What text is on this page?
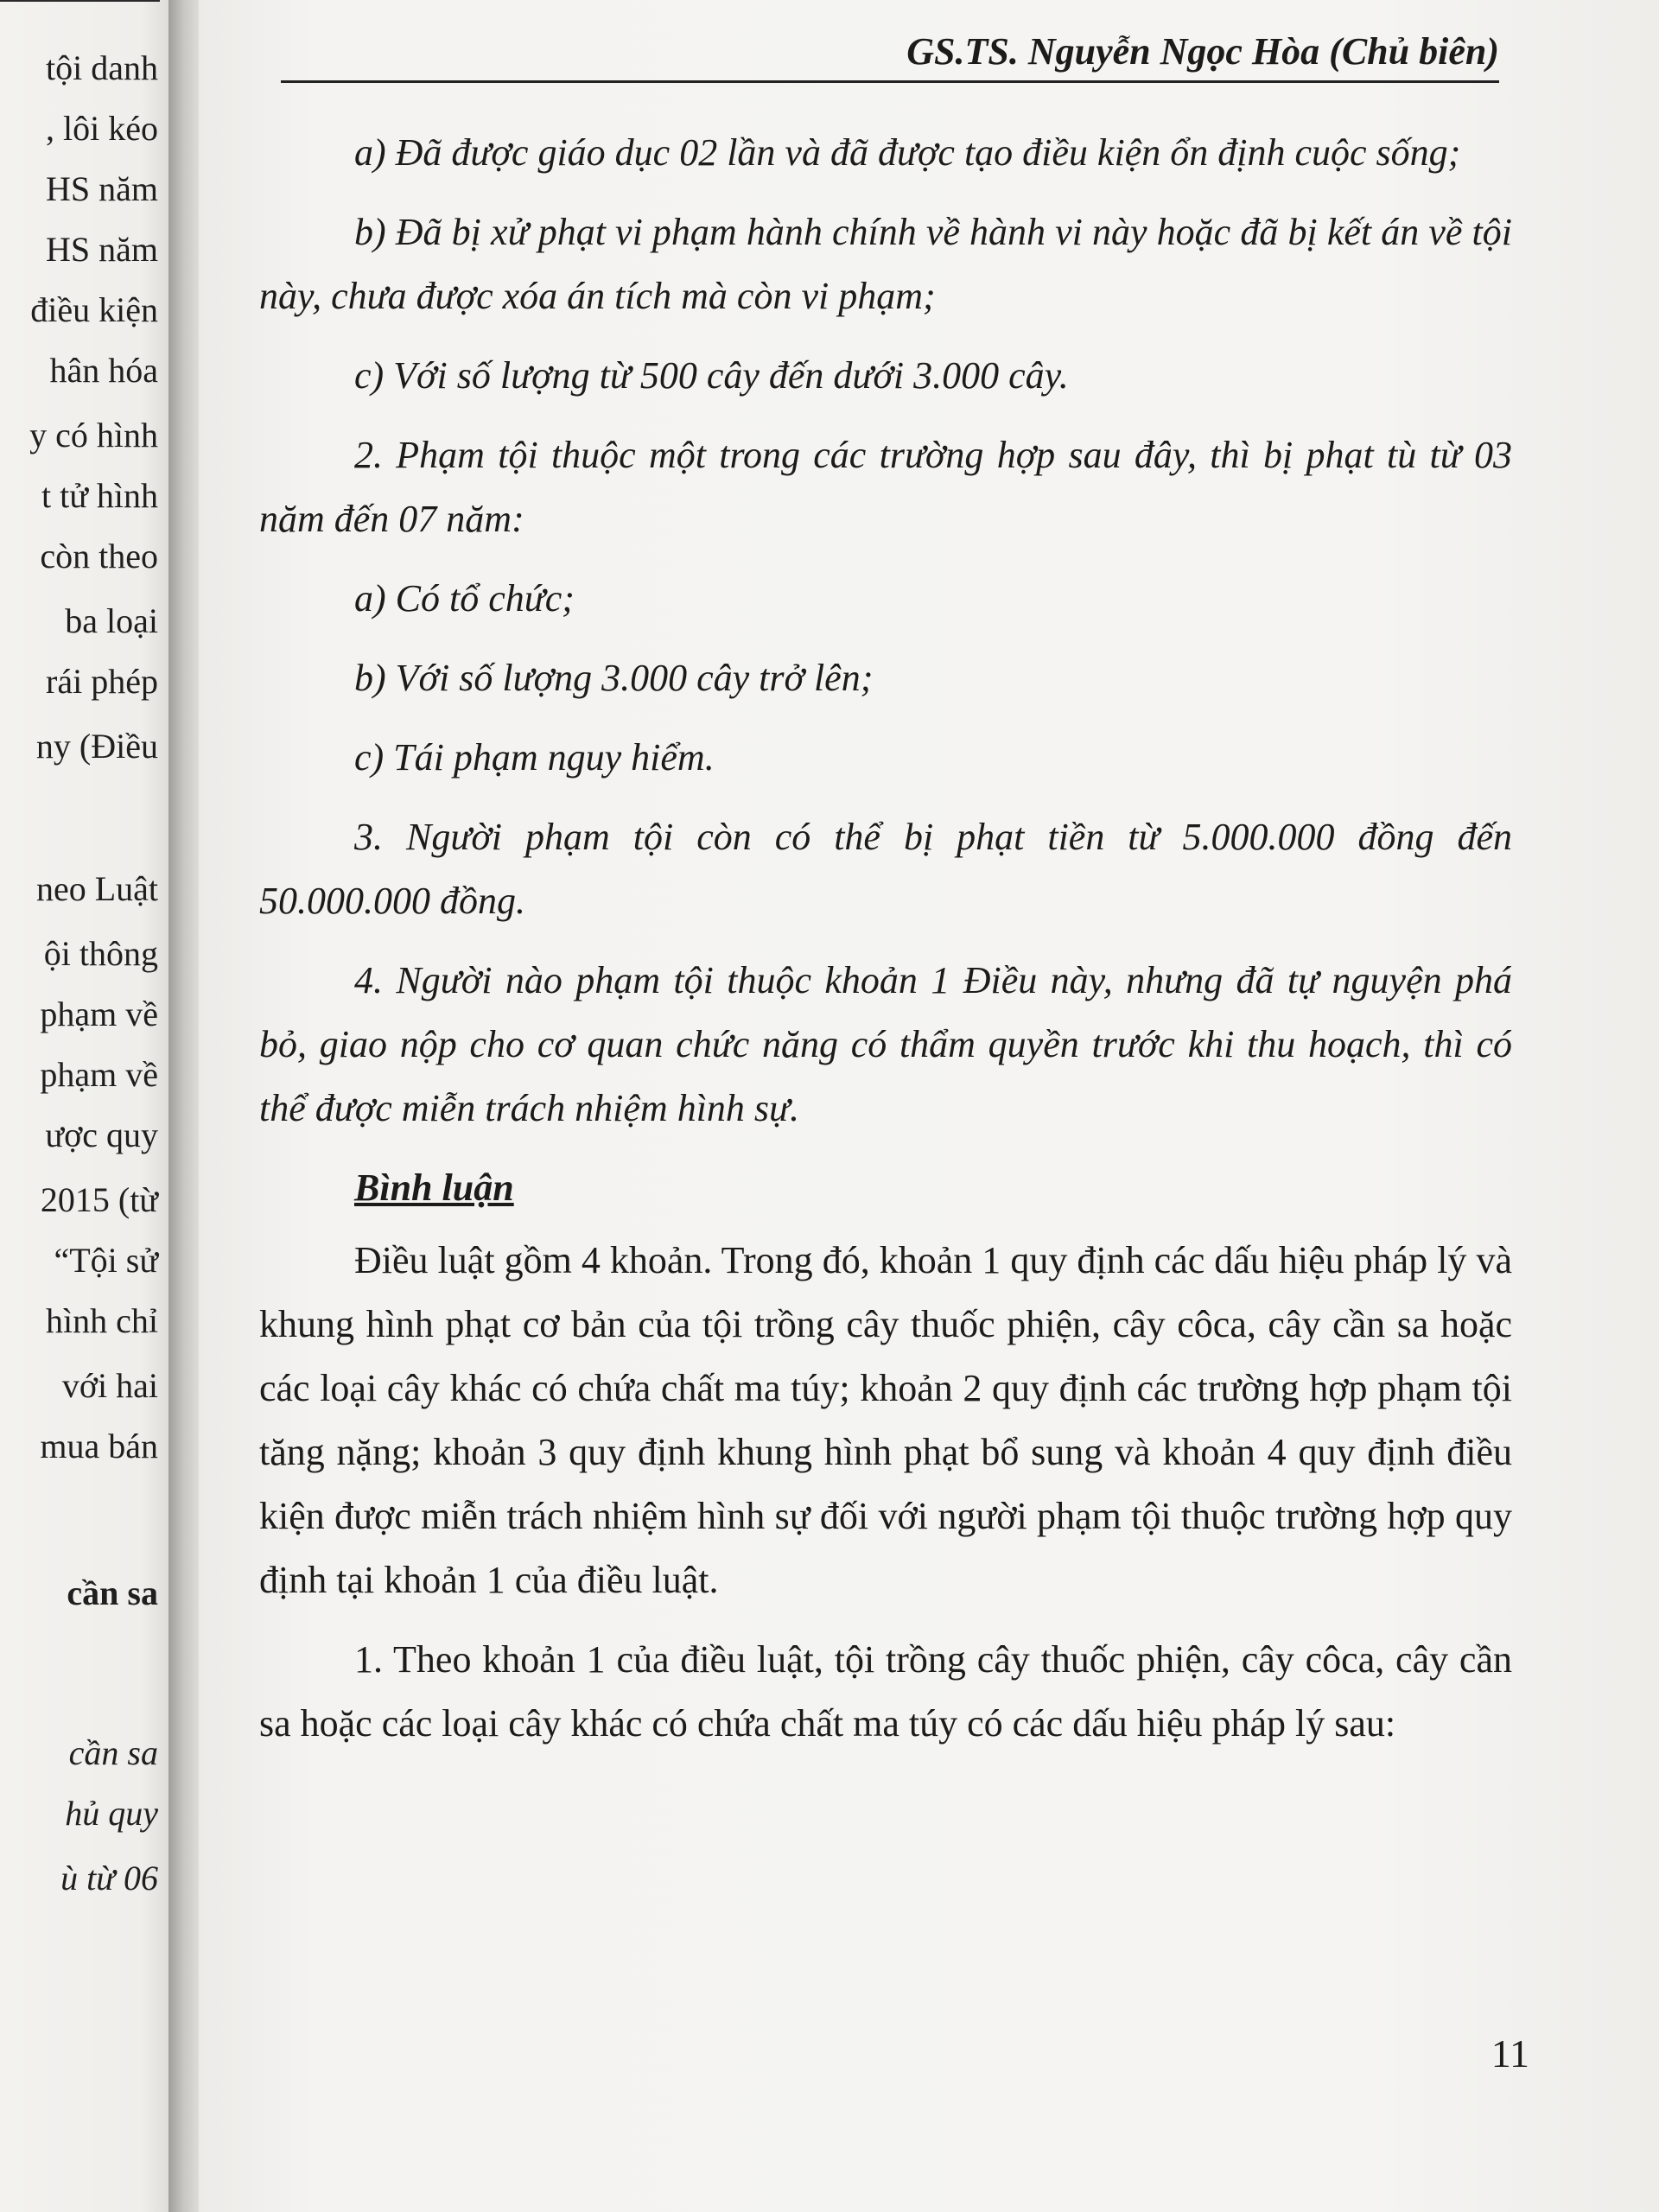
tội danh
, lôi kéo
HS năm
HS năm
điều kiện
hân hóa
y có hình
t tử hình
còn theo
ba loại
rái phép
ny (Điều
neo Luật
ội thông
phạm về
phạm về
ược quy
2015 (từ
“Tội sử
hình chỉ
với hai
mua bán
cần sa
cần sa
hủ quy
ù từ 06
GS.TS. Nguyễn Ngọc Hòa (Chủ biên)

a) Đã được giáo dục 02 lần và đã được tạo điều kiện ổn định cuộc sống;

b) Đã bị xử phạt vi phạm hành chính về hành vi này hoặc đã bị kết án về tội này, chưa được xóa án tích mà còn vi phạm;

c) Với số lượng từ 500 cây đến dưới 3.000 cây.

2. Phạm tội thuộc một trong các trường hợp sau đây, thì bị phạt tù từ 03 năm đến 07 năm:

a) Có tổ chức;

b) Với số lượng 3.000 cây trở lên;

c) Tái phạm nguy hiểm.

3. Người phạm tội còn có thể bị phạt tiền từ 5.000.000 đồng đến 50.000.000 đồng.

4. Người nào phạm tội thuộc khoản 1 Điều này, nhưng đã tự nguyện phá bỏ, giao nộp cho cơ quan chức năng có thẩm quyền trước khi thu hoạch, thì có thể được miễn trách nhiệm hình sự.

Bình luận

Điều luật gồm 4 khoản. Trong đó, khoản 1 quy định các dấu hiệu pháp lý và khung hình phạt cơ bản của tội trồng cây thuốc phiện, cây côca, cây cần sa hoặc các loại cây khác có chứa chất ma túy; khoản 2 quy định các trường hợp phạm tội tăng nặng; khoản 3 quy định khung hình phạt bổ sung và khoản 4 quy định điều kiện được miễn trách nhiệm hình sự đối với người phạm tội thuộc trường hợp quy định tại khoản 1 của điều luật.

1. Theo khoản 1 của điều luật, tội trồng cây thuốc phiện, cây côca, cây cần sa hoặc các loại cây khác có chứa chất ma túy có các dấu hiệu pháp lý sau:

11
